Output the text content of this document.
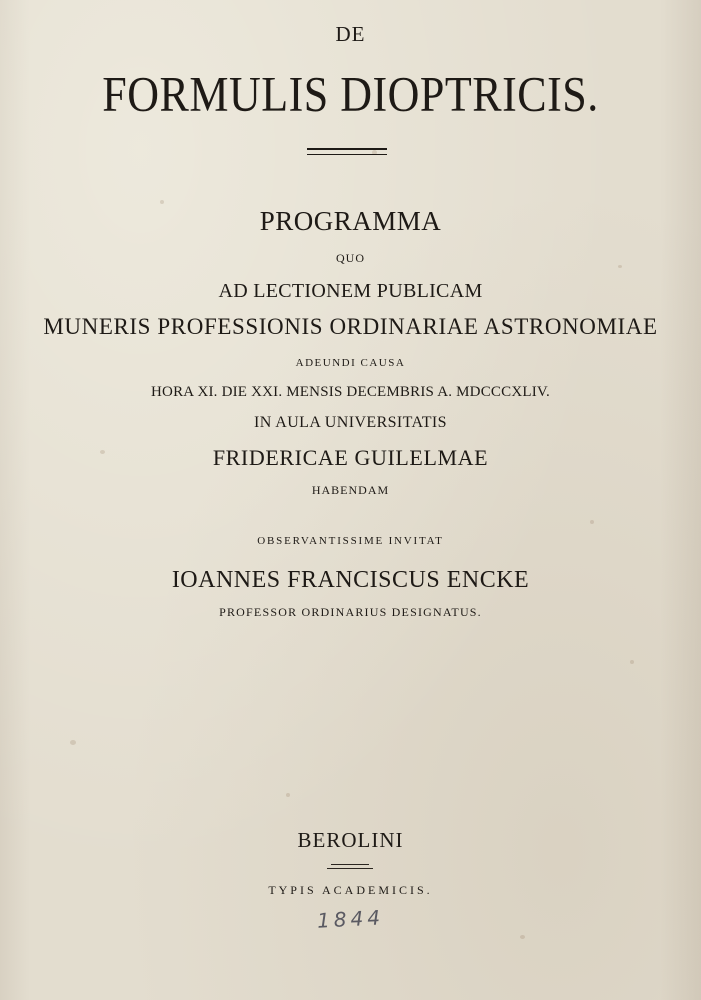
DE
FORMULIS DIOPTRICIS.
PROGRAMMA
QUO
AD LECTIONEM PUBLICAM
MUNERIS PROFESSIONIS ORDINARIAE ASTRONOMIAE
ADEUNDI CAUSA
HORA XI. DIE XXI. MENSIS DECEMBRIS A. MDCCCXLIV.
IN AULA UNIVERSITATIS
FRIDERICAE GUILELMAE
HABENDAM
OBSERVANTISSIME INVITAT
IOANNES FRANCISCUS ENCKE
PROFESSOR ORDINARIUS DESIGNATUS.
BEROLINI
TYPIS ACADEMICIS.
1844
